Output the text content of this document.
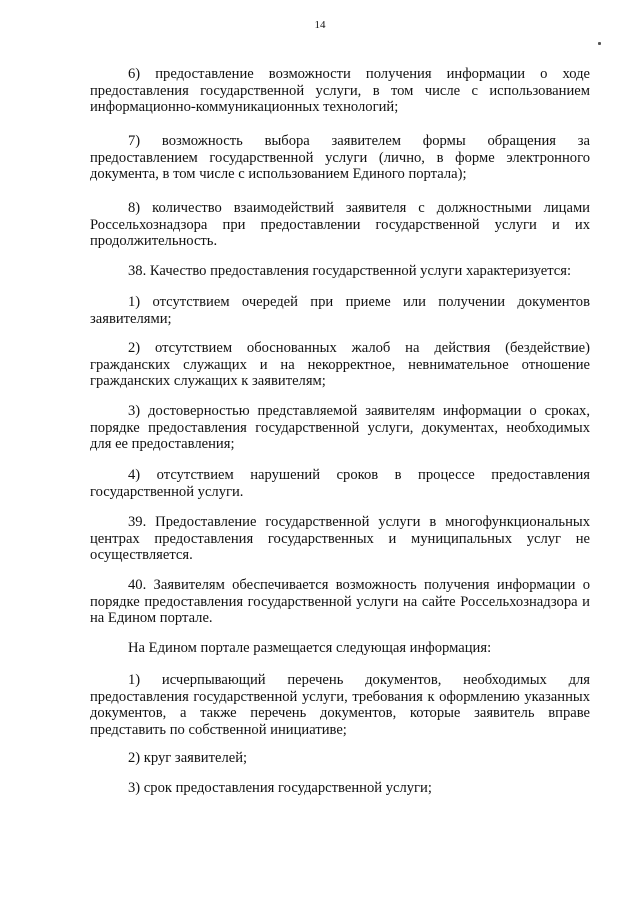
14

6) предоставление возможности получения информации о ходе предоставления государственной услуги, в том числе с использованием информационно-коммуникационных технологий;

7) возможность выбора заявителем формы обращения за предоставлением государственной услуги (лично, в форме электронного документа, в том числе с использованием Единого портала);

8) количество взаимодействий заявителя с должностными лицами Россельхознадзора при предоставлении государственной услуги и их продолжительность.

38. Качество предоставления государственной услуги характеризуется:

1) отсутствием очередей при приеме или получении документов заявителями;

2) отсутствием обоснованных жалоб на действия (бездействие) гражданских служащих и на некорректное, невнимательное отношение гражданских служащих к заявителям;

3) достоверностью представляемой заявителям информации о сроках, порядке предоставления государственной услуги, документах, необходимых для ее предоставления;

4) отсутствием нарушений сроков в процессе предоставления государственной услуги.

39. Предоставление государственной услуги в многофункциональных центрах предоставления государственных и муниципальных услуг не осуществляется.

40. Заявителям обеспечивается возможность получения информации о порядке предоставления государственной услуги на сайте Россельхознадзора и на Едином портале.

На Едином портале размещается следующая информация:

1) исчерпывающий перечень документов, необходимых для предоставления государственной услуги, требования к оформлению указанных документов, а также перечень документов, которые заявитель вправе представить по собственной инициативе;

2) круг заявителей;

3) срок предоставления государственной услуги;
